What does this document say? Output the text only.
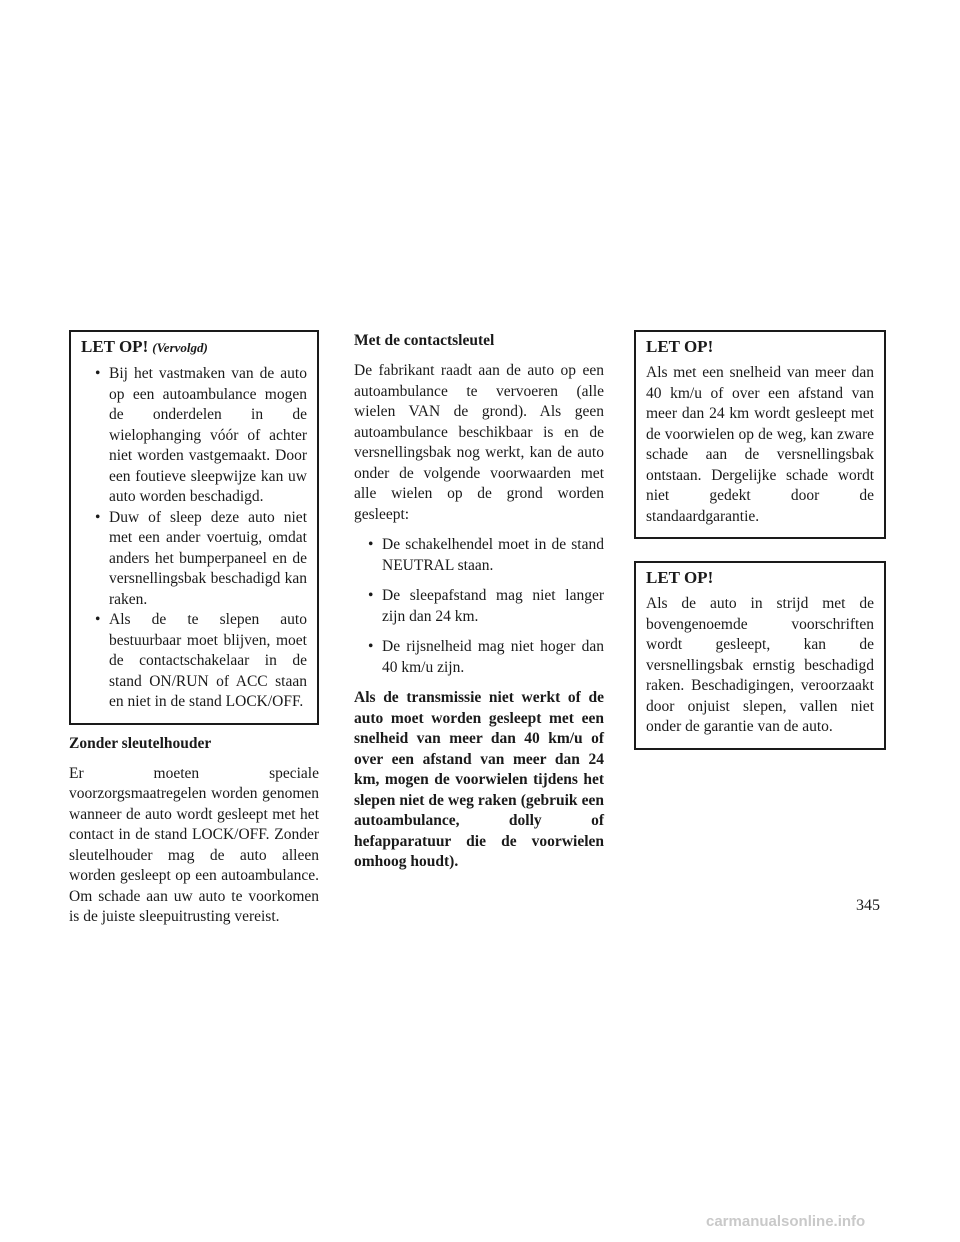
LET OP! (Vervolgd)
• Bij het vastmaken van de auto op een autoambulance mogen de onderdelen in de wielophanging vóór of achter niet worden vastgemaakt. Door een foutieve sleepwijze kan uw auto worden beschadigd.
• Duw of sleep deze auto niet met een ander voertuig, omdat anders het bumperpaneel en de versnellingsbak beschadigd kan raken.
• Als de te slepen auto bestuurbaar moet blijven, moet de contactschakelaar in de stand ON/RUN of ACC staan en niet in de stand LOCK/OFF.
Zonder sleutelhouder

Er moeten speciale voorzorgsmaatregelen worden genomen wanneer de auto wordt gesleept met het contact in de stand LOCK/OFF. Zonder sleutelhouder mag de auto alleen worden gesleept op een autoambulance. Om schade aan uw auto te voorkomen is de juiste sleepuitrusting vereist.

Met de contactsleutel

De fabrikant raadt aan de auto op een autoambulance te vervoeren (alle wielen VAN de grond). Als geen autoambulance beschikbaar is en de versnellingsbak nog werkt, kan de auto onder de volgende voorwaarden met alle wielen op de grond worden gesleept:

• De schakelhendel moet in de stand NEUTRAL staan.
• De sleepafstand mag niet langer zijn dan 24 km.
• De rijsnelheid mag niet hoger dan 40 km/u zijn.

Als de transmissie niet werkt of de auto moet worden gesleept met een snelheid van meer dan 40 km/u of over een afstand van meer dan 24 km, mogen de voorwielen tijdens het slepen niet de weg raken (gebruik een autoambulance, dolly of hefapparatuur die de voorwielen omhoog houdt).

LET OP!

Als met een snelheid van meer dan 40 km/u of over een afstand van meer dan 24 km wordt gesleept met de voorwielen op de weg, kan zware schade aan de versnellingsbak ontstaan. Dergelijke schade wordt niet gedekt door de standaardgarantie.

LET OP!

Als de auto in strijd met de bovengenoemde voorschriften wordt gesleept, kan de versnellingsbak ernstig beschadigd raken. Beschadigingen, veroorzaakt door onjuist slepen, vallen niet onder de garantie van de auto.

345
carmanualsonline.info
